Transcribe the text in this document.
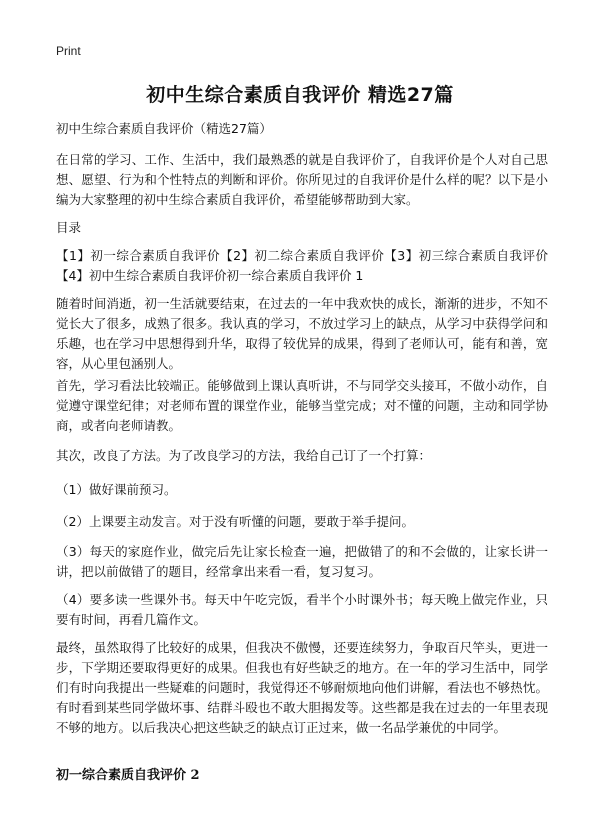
Print
初中生综合素质自我评价 精选27篇
初中生综合素质自我评价（精选27篇）

在日常的学习、工作、生活中，我们最熟悉的就是自我评价了，自我评价是个人对自己思想、愿望、行为和个性特点的判断和评价。你所见过的自我评价是什么样的呢？以下是小编为大家整理的初中生综合素质自我评价，希望能够帮助到大家。

目录

【1】初一综合素质自我评价【2】初二综合素质自我评价【3】初三综合素质自我评价【4】初中生综合素质自我评价初一综合素质自我评价 1

随着时间消逝，初一生活就要结束，在过去的一年中我欢快的成长，渐渐的进步，不知不觉长大了很多，成熟了很多。我认真的学习，不放过学习上的缺点，从学习中获得学问和乐趣，也在学习中思想得到升华，取得了较优异的成果，得到了老师认可，能有和善，宽容，从心里包涵别人。

首先，学习看法比较端正。能够做到上课认真听讲，不与同学交头接耳，不做小动作，自觉遵守课堂纪律；对老师布置的课堂作业，能够当堂完成；对不懂的问题，主动和同学协商，或者向老师请教。

其次，改良了方法。为了改良学习的方法，我给自己订了一个打算：

（1）做好课前预习。

（2）上课要主动发言。对于没有听懂的问题，要敢于举手提问。

（3）每天的家庭作业，做完后先让家长检查一遍，把做错了的和不会做的，让家长讲一讲，把以前做错了的题目，经常拿出来看一看，复习复习。

（4）要多读一些课外书。每天中午吃完饭，看半个小时课外书；每天晚上做完作业，只要有时间，再看几篇作文。

最终，虽然取得了比较好的成果，但我决不傲慢，还要连续努力，争取百尺竿头，更进一步，下学期还要取得更好的成果。但我也有好些缺乏的地方。在一年的学习生活中，同学们有时向我提出一些疑难的问题时，我觉得还不够耐烦地向他们讲解，看法也不够热忱。有时看到某些同学做坏事、结群斗殴也不敢大胆揭发等。这些都是我在过去的一年里表现不够的地方。以后我决心把这些缺乏的缺点订正过来，做一名品学兼优的中同学。

初一综合素质自我评价 2
